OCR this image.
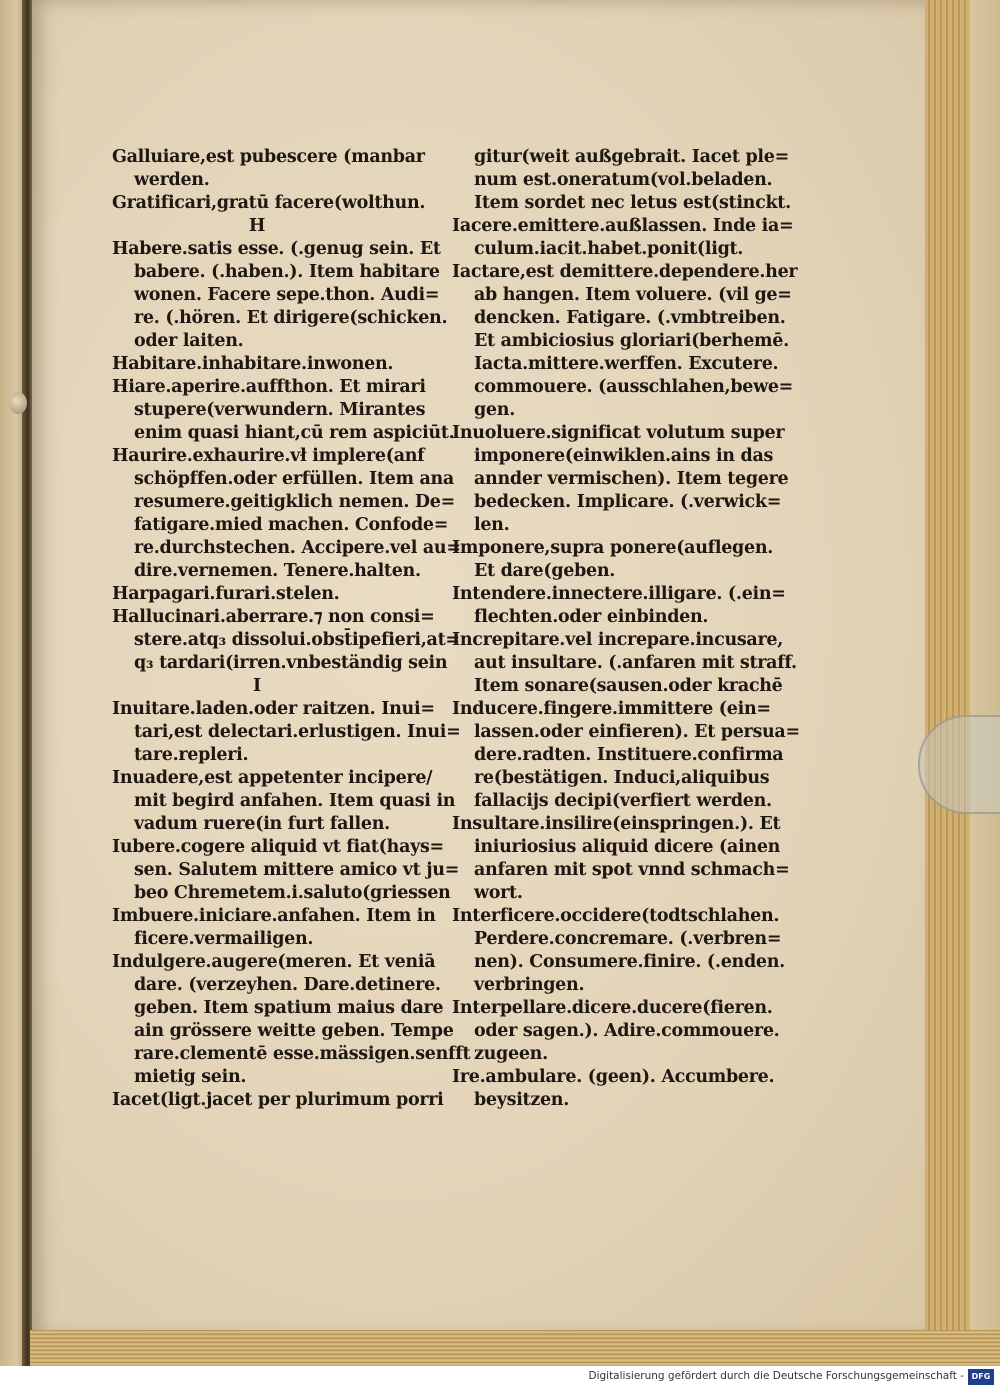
Galluiare,est pubescere (manbar
werden.
Gratificari,gratū facere(wolthun.
H
Habere.satis esse. (.genug sein. Et
babere. (.haben.). Item habitare
wonen. Facere sepe.thon. Audi=
re. (.hören. Et dirigere(schicken.
oder laiten.
Habitare.inhabitare.inwonen.
Hiare.aperire.auffthon. Et mirari
stupere(verwundern. Mirantes
enim quasi hiant,cū rem aspiciūt.
Haurire.exhaurire.vł implere(anf
schöpffen.oder erfüllen. Item ana
resumere.geitigklich nemen. De=
fatigare.mied machen. Confode=
re.durchstechen. Accipere.vel au=
dire.vernemen. Tenere.halten.
Harpagari.furari.stelen.
Hallucinari.aberrare.⁊ non consi=
stere.atq₃ dissolui.obst̄ipefieri,at=
q₃ tardari(irren.vnbeständig sein
I
Inuitare.laden.oder raitzen. Inui=
tari,est delectari.erlustigen. Inui=
tare.repleri.
Inuadere,est appetenter incipere/
mit begird anfahen. Item quasi in
vadum ruere(in furt fallen.
Iubere.cogere aliquid vt fiat(hays=
sen. Salutem mittere amico vt ju=
beo Chremetem.i.saluto(griessen
Imbuere.iniciare.anfahen. Item in
ficere.vermailigen.
Indulgere.augere(meren. Et veniā
dare. (verzeyhen. Dare.detinere.
geben. Item spatium maius dare
ain grössere weitte geben. Tempe
rare.clementē esse.mässigen.senfft
mietig sein.
Iacet(ligt.jacet per plurimum porri
gitur(weit außgebrait. Iacet ple=
num est.oneratum(vol.beladen.
Item sordet nec letus est(stinckt.
Iacere.emittere.außlassen. Inde ia=
culum.iacit.habet.ponit(ligt.
Iactare,est demittere.dependere.her
ab hangen. Item voluere. (vil ge=
dencken. Fatigare. (.vmbtreiben.
Et ambiciosius gloriari(berhemē.
Iacta.mittere.werffen. Excutere.
commouere. (ausschlahen,bewe=
gen.
Inuoluere.significat volutum super
imponere(einwiklen.ains in das
annder vermischen). Item tegere
bedecken. Implicare. (.verwick=
len.
Imponere,supra ponere(auflegen.
Et dare(geben.
Intendere.innectere.illigare. (.ein=
flechten.oder einbinden.
Increpitare.vel increpare.incusare,
aut insultare. (.anfaren mit straff.
Item sonare(sausen.oder krachē
Inducere.fingere.immittere (ein=
lassen.oder einfieren). Et persua=
dere.radten. Instituere.confirma
re(bestätigen. Induci,aliquibus
fallacijs decipi(verfiert werden.
Insultare.insilire(einspringen.). Et
iniuriosius aliquid dicere (ainen
anfaren mit spot vnnd schmach=
wort.
Interficere.occidere(todtschlahen.
Perdere.concremare. (.verbren=
nen). Consumere.finire. (.enden.
verbringen.
Interpellare.dicere.ducere(fieren.
oder sagen.). Adire.commouere.
zugeen.
Ire.ambulare. (geen). Accumbere.
beysitzen.
Digitalisierung gefördert durch die Deutsche Forschungsgemeinschaft - DFG
